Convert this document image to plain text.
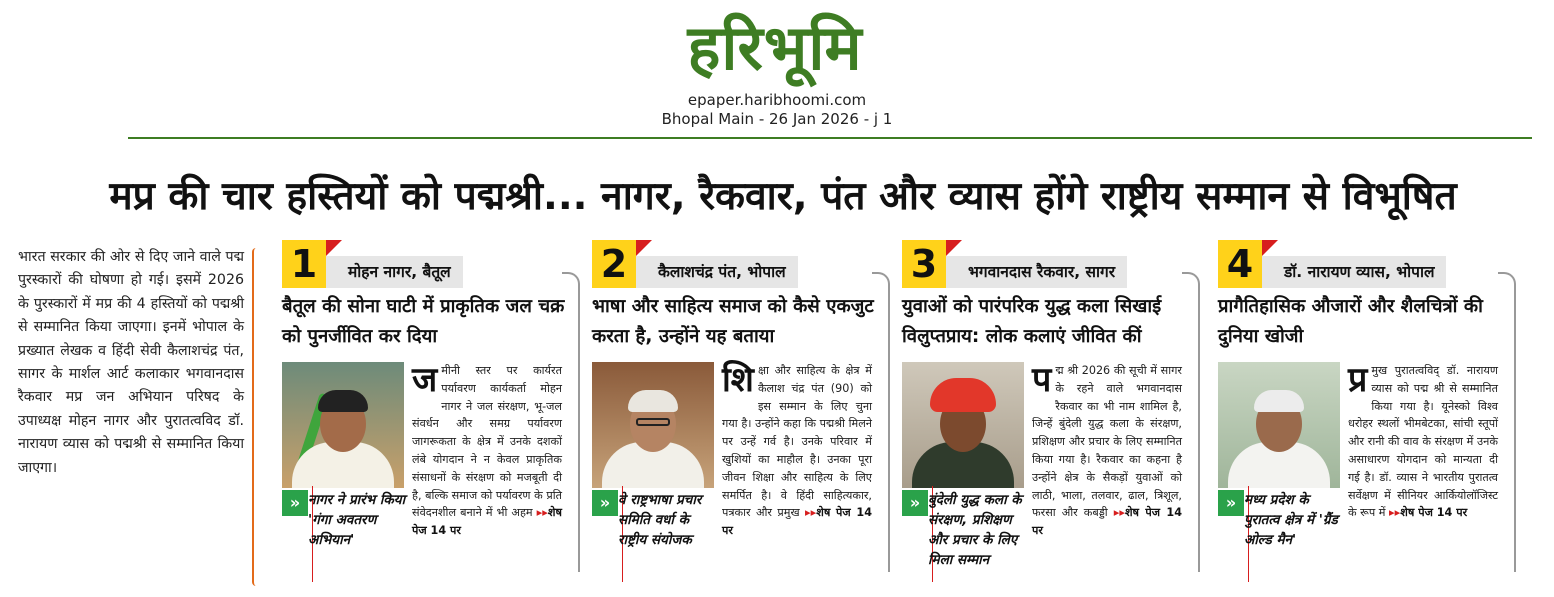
हरिभूमि
epaper.haribhoomi.com
Bhopal Main - 26 Jan 2026 - j 1
मप्र की चार हस्तियों को पद्मश्री... नागर, रैकवार, पंत और व्यास होंगे राष्ट्रीय सम्मान से विभूषित
भारत सरकार की ओर से दिए जाने वाले पद्म पुरस्कारों की घोषणा हो गई। इसमें 2026 के पुरस्कारों में मप्र की 4 हस्तियों को पद्मश्री से सम्मानित किया जाएगा। इनमें भोपाल के प्रख्यात लेखक व हिंदी सेवी कैलाशचंद्र पंत, सागर के मार्शल आर्ट कलाकार भगवानदास रैकवार मप्र जन अभियान परिषद के उपाध्यक्ष मोहन नागर और पुरातत्वविद डॉ. नारायण व्यास को पद्मश्री से सम्मानित किया जाएगा।
1	मोहन नागर, बैतूल
बैतूल की सोना घाटी में प्राकृतिक जल चक्र को पुनर्जीवित कर दिया
» नागर ने प्रारंभ किया 'गंगा अवतरण अभियान'
जमीनी स्तर पर कार्यरत पर्यावरण कार्यकर्ता मोहन नागर ने जल संरक्षण, भू-जल संवर्धन और समग्र पर्यावरण जागरूकता के क्षेत्र में उनके दशकों लंबे योगदान ने न केवल प्राकृतिक संसाधनों के संरक्षण को मजबूती दी है, बल्कि समाज को पर्यावरण के प्रति संवेदनशील बनाने में भी अहम ▸▸शेष पेज 14 पर
2	कैलाशचंद्र पंत, भोपाल
भाषा और साहित्य समाज को कैसे एकजुट करता है, उन्होंने यह बताया
» वे राष्ट्रभाषा प्रचार समिति वर्धा के राष्ट्रीय संयोजक
शिक्षा और साहित्य के क्षेत्र में कैलाश चंद्र पंत (90) को इस सम्मान के लिए चुना गया है। उन्होंने कहा कि पद्मश्री मिलने पर उन्हें गर्व है। उनके परिवार में खुशियों का माहौल है। उनका पूरा जीवन शिक्षा और साहित्य के लिए समर्पित है। वे हिंदी साहित्यकार, पत्रकार और प्रमुख ▸▸शेष पेज 14 पर
3	भगवानदास रैकवार, सागर
युवाओं को पारंपरिक युद्ध कला सिखाई विलुप्तप्राय: लोक कलाएं जीवित कीं
» बुंदेली युद्ध कला के संरक्षण, प्रशिक्षण और प्रचार के लिए मिला सम्मान
पद्म श्री 2026 की सूची में सागर के रहने वाले भगवानदास रैकवार का भी नाम शामिल है, जिन्हें बुंदेली युद्ध कला के संरक्षण, प्रशिक्षण और प्रचार के लिए सम्मानित किया गया है। रैकवार का कहना है उन्होंने क्षेत्र के सैकड़ों युवाओं को लाठी, भाला, तलवार, ढाल, त्रिशूल, फरसा और कबड्डी ▸▸शेष पेज 14 पर
4	डॉ. नारायण व्यास, भोपाल
प्रागैतिहासिक औजारों और शैलचित्रों की दुनिया खोजी
» मध्य प्रदेश के पुरातत्व क्षेत्र में 'ग्रैंड ओल्ड मैन'
प्र मुख पुरातत्वविद् डॉ. नारायण व्यास को पद्म श्री से सम्मानित किया गया है। यूनेस्को विश्व धरोहर स्थलों भीमबेटका, सांची स्तूपों और रानी की वाव के संरक्षण में उनके असाधारण योगदान को मान्यता दी गई है। डॉ. व्यास ने भारतीय पुरातत्व सर्वेक्षण में सीनियर आर्कियोलॉजिस्ट के रूप में ▸▸शेष पेज 14 पर
